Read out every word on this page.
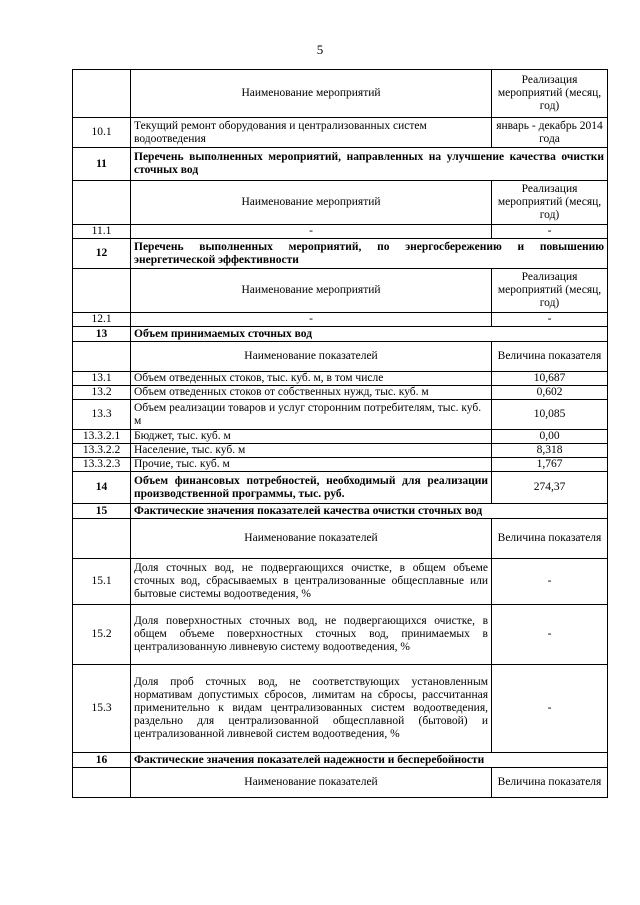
5
	Наименование мероприятий	Реализация мероприятий (месяц, год)
10.1	Текущий ремонт оборудования и централизованных систем водоотведения	январь - декабрь 2014 года
11	Перечень выполненных мероприятий, направленных на улучшение качества очистки сточных вод	
	Наименование мероприятий	Реализация мероприятий (месяц, год)
11.1	-	-
12	Перечень выполненных мероприятий, по энергосбережению и повышению энергетической эффективности	
	Наименование мероприятий	Реализация мероприятий (месяц, год)
12.1	-	-
13	Объем принимаемых сточных вод	
	Наименование показателей	Величина показателя
13.1	Объем отведенных стоков, тыс. куб. м, в том числе	10,687
13.2	Объем отведенных стоков от собственных нужд, тыс. куб. м	0,602
13.3	Объем реализации товаров и услуг сторонним потребителям, тыс. куб. м	10,085
13.3.2.1	Бюджет, тыс. куб. м	0,00
13.3.2.2	Население, тыс. куб. м	8,318
13.3.2.3	Прочие, тыс. куб. м	1,767
14	Объем финансовых потребностей, необходимый для реализации производственной программы, тыс. руб.	274,37
15	Фактические значения показателей качества очистки сточных вод	
	Наименование показателей	Величина показателя
15.1	Доля сточных вод, не подвергающихся очистке, в общем объеме сточных вод, сбрасываемых в централизованные общесплавные или бытовые системы водоотведения, %	-
15.2	Доля поверхностных сточных вод, не подвергающихся очистке, в общем объеме поверхностных сточных вод, принимаемых в централизованную ливневую систему водоотведения, %	-
15.3	Доля проб сточных вод, не соответствующих установленным нормативам допустимых сбросов, лимитам на сбросы, рассчитанная применительно к видам централизованных систем водоотведения, раздельно для централизованной общесплавной (бытовой) и централизованной ливневой систем водоотведения, %	-
16	Фактические значения показателей надежности и бесперебойности	
	Наименование показателей	Величина показателя
